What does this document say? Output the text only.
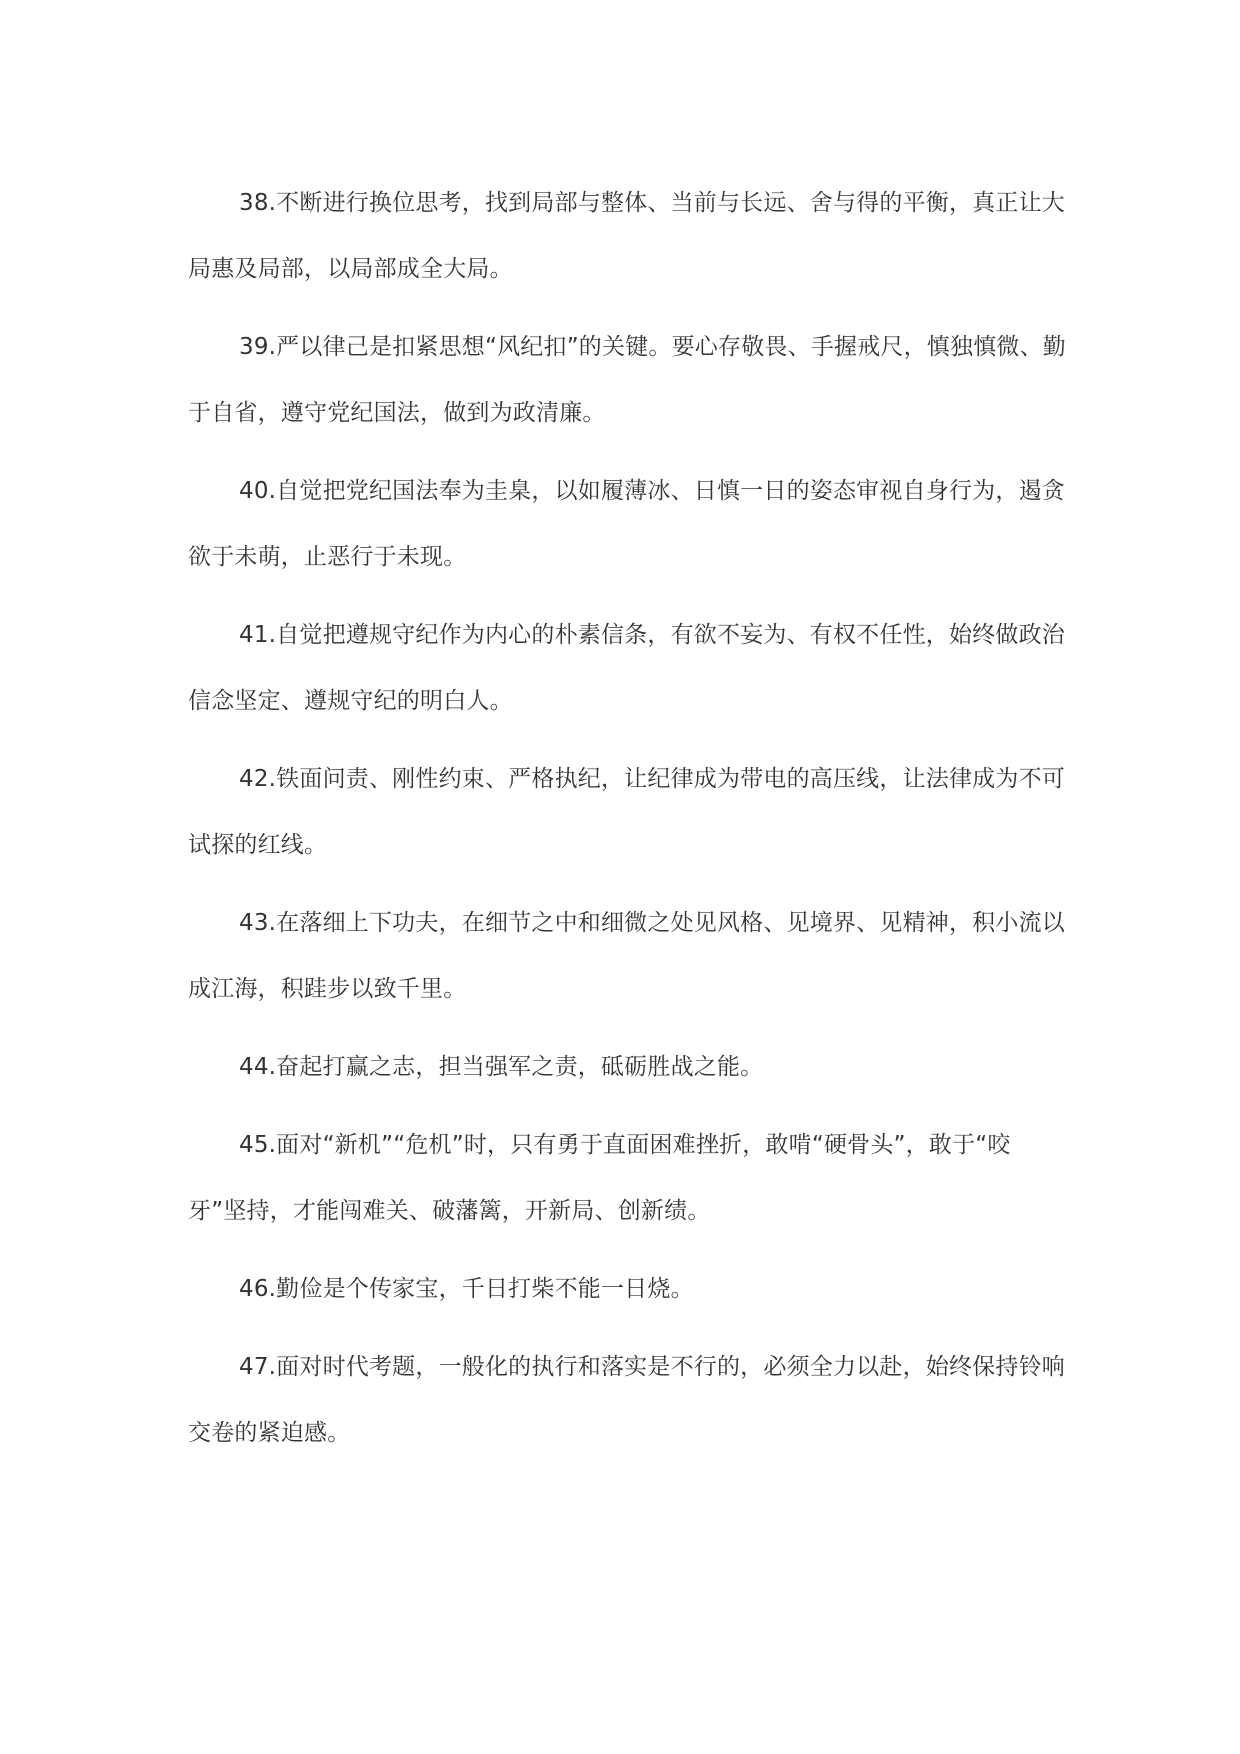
38.不断进行换位思考，找到局部与整体、当前与长远、舍与得的平衡，真正让大局惠及局部，以局部成全大局。

39.严以律己是扣紧思想“风纪扣”的关键。要心存敬畏、手握戒尺，慎独慎微、勤于自省，遵守党纪国法，做到为政清廉。

40.自觉把党纪国法奉为圭臬，以如履薄冰、日慎一日的姿态审视自身行为，遏贪欲于未萌，止恶行于未现。

41.自觉把遵规守纪作为内心的朴素信条，有欲不妄为、有权不任性，始终做政治信念坚定、遵规守纪的明白人。

42.铁面问责、刚性约束、严格执纪，让纪律成为带电的高压线，让法律成为不可试探的红线。

43.在落细上下功夫，在细节之中和细微之处见风格、见境界、见精神，积小流以成江海，积跬步以致千里。

44.奋起打赢之志，担当强军之责，砥砺胜战之能。

45.面对“新机”“危机”时，只有勇于直面困难挫折，敢啃“硬骨头”，敢于“咬牙”坚持，才能闯难关、破藩篱，开新局、创新绩。

46.勤俭是个传家宝，千日打柴不能一日烧。

47.面对时代考题，一般化的执行和落实是不行的，必须全力以赴，始终保持铃响交卷的紧迫感。
